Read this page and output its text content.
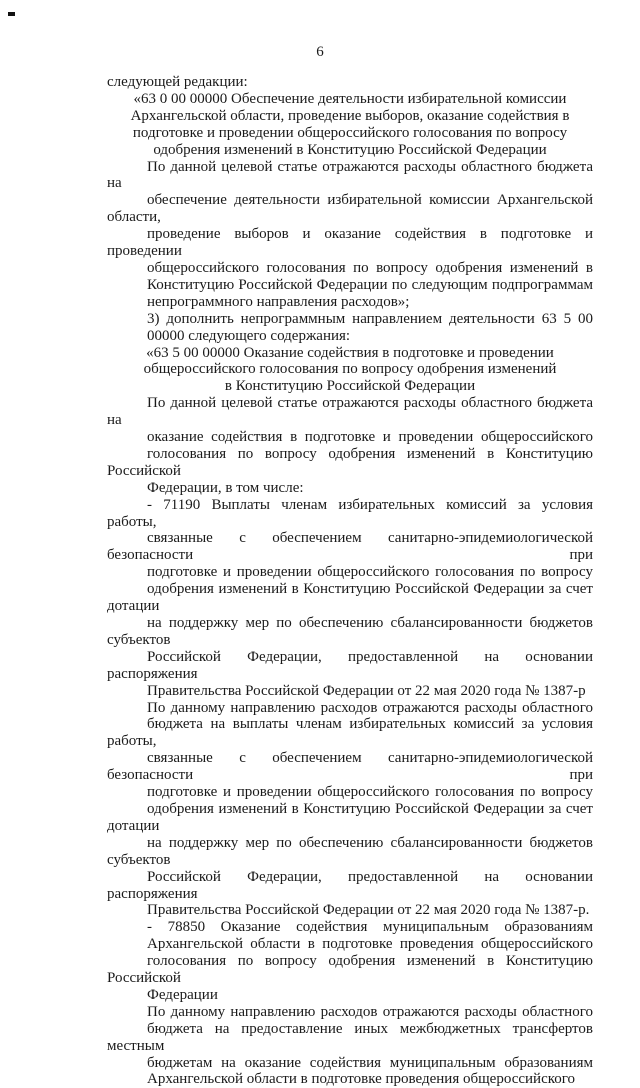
6
следующей редакции:
«63 0 00 00000 Обеспечение деятельности избирательной комиссии
Архангельской области, проведение выборов, оказание содействия в
подготовке и проведении общероссийского голосования по вопросу
одобрения изменений в Конституцию Российской Федерации
По данной целевой статье отражаются расходы областного бюджета на
обеспечение деятельности избирательной комиссии Архангельской области,
проведение выборов и оказание содействия в подготовке и проведении
общероссийского голосования по вопросу одобрения изменений в
Конституцию Российской Федерации по следующим подпрограммам
непрограммного направления расходов»;
3) дополнить непрограммным направлением деятельности 63 5 00
00000 следующего содержания:
«63 5 00 00000 Оказание содействия в подготовке и проведении
общероссийского голосования по вопросу одобрения изменений
в Конституцию Российской Федерации
По данной целевой статье отражаются расходы областного бюджета на
оказание содействия в подготовке и проведении общероссийского
голосования по вопросу одобрения изменений в Конституцию Российской
Федерации, в том числе:
- 71190 Выплаты членам избирательных комиссий за условия работы,
связанные с обеспечением санитарно-эпидемиологической безопасности при
подготовке и проведении общероссийского голосования по вопросу
одобрения изменений в Конституцию Российской Федерации за счет дотации
на поддержку мер по обеспечению сбалансированности бюджетов субъектов
Российской Федерации, предоставленной на основании распоряжения
Правительства Российской Федерации от 22 мая 2020 года № 1387-р
По данному направлению расходов отражаются расходы областного
бюджета на выплаты членам избирательных комиссий за условия работы,
связанные с обеспечением санитарно-эпидемиологической безопасности при
подготовке и проведении общероссийского голосования по вопросу
одобрения изменений в Конституцию Российской Федерации за счет дотации
на поддержку мер по обеспечению сбалансированности бюджетов субъектов
Российской Федерации, предоставленной на основании распоряжения
Правительства Российской Федерации от 22 мая 2020 года № 1387-р.
- 78850 Оказание содействия муниципальным образованиям
Архангельской области в подготовке проведения общероссийского
голосования по вопросу одобрения изменений в Конституцию Российской
Федерации
По данному направлению расходов отражаются расходы областного
бюджета на предоставление иных межбюджетных трансфертов местным
бюджетам на оказание содействия муниципальным образованиям
Архангельской области в подготовке проведения общероссийского
